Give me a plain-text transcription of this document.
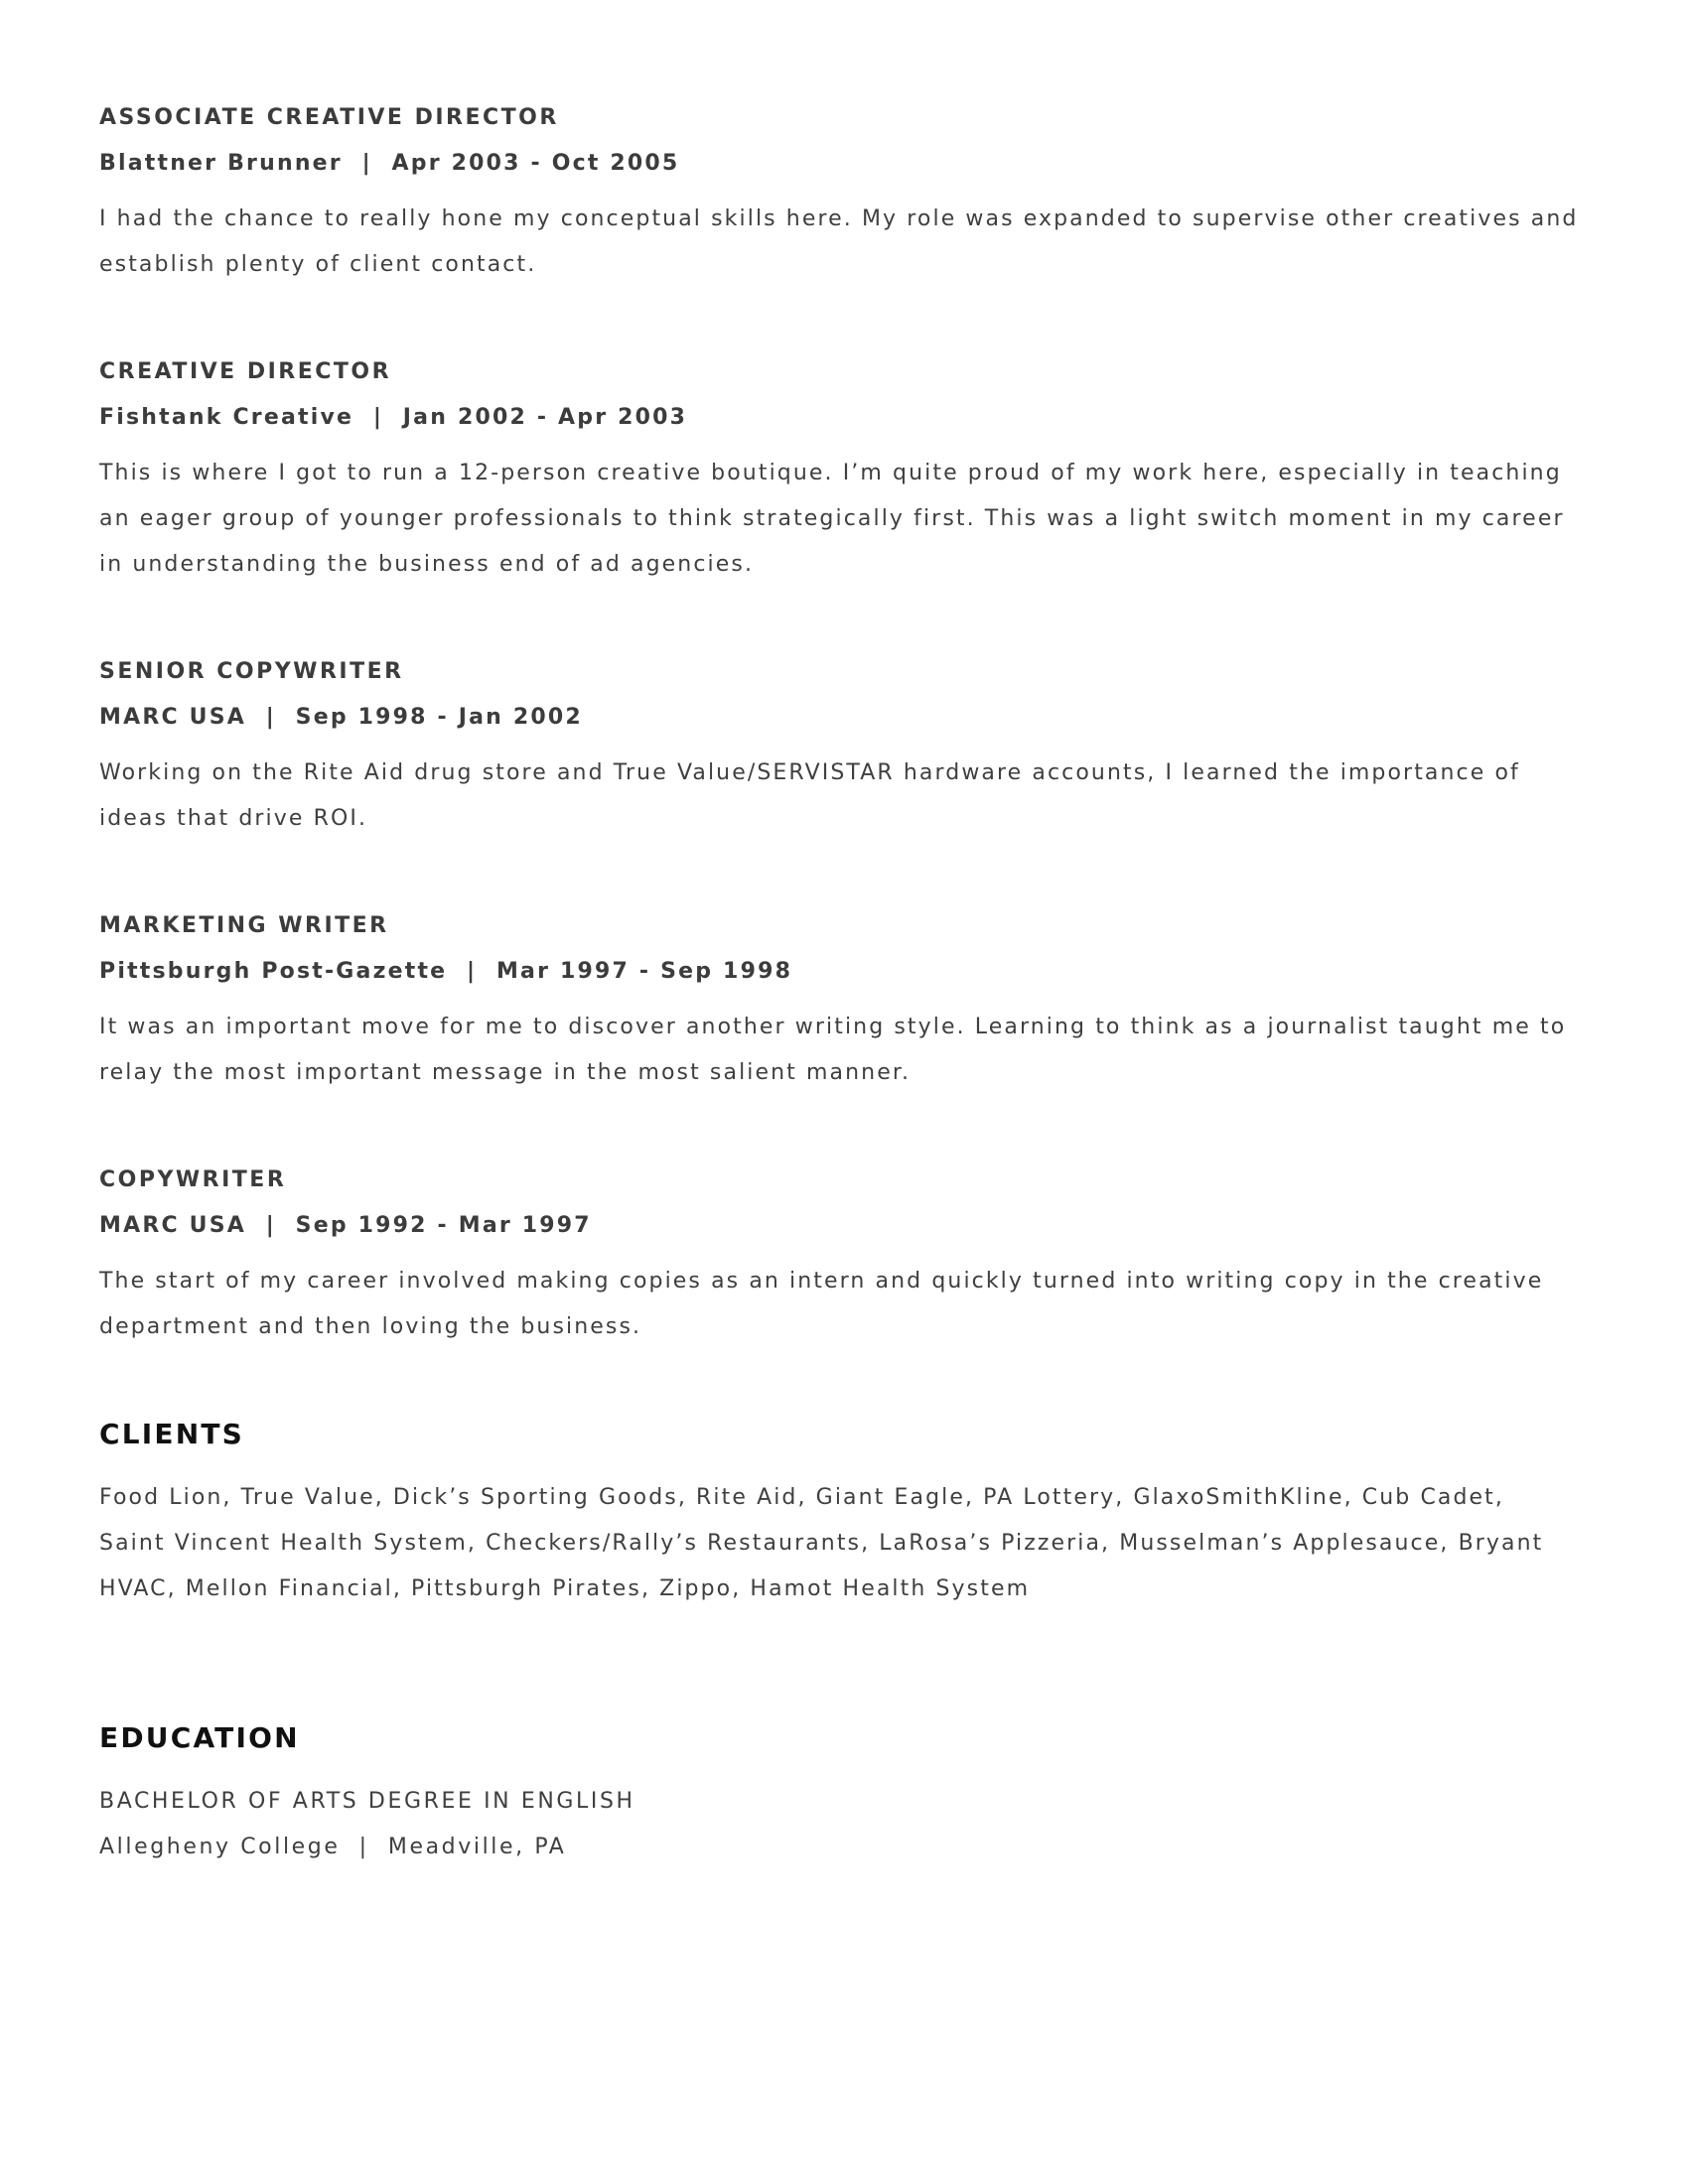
ASSOCIATE CREATIVE DIRECTOR
Blattner Brunner  |  Apr 2003 - Oct 2005
I had the chance to really hone my conceptual skills here. My role was expanded to supervise other creatives and establish plenty of client contact.
CREATIVE DIRECTOR
Fishtank Creative  |  Jan 2002 - Apr 2003
This is where I got to run a 12-person creative boutique. I’m quite proud of my work here, especially in teaching an eager group of younger professionals to think strategically first. This was a light switch moment in my career in understanding the business end of ad agencies.
SENIOR COPYWRITER
MARC USA  |  Sep 1998 - Jan 2002
Working on the Rite Aid drug store and True Value/SERVISTAR hardware accounts, I learned the importance of ideas that drive ROI.
MARKETING WRITER
Pittsburgh Post-Gazette  |  Mar 1997 - Sep 1998
It was an important move for me to discover another writing style. Learning to think as a journalist taught me to relay the most important message in the most salient manner.
COPYWRITER
MARC USA  |  Sep 1992 - Mar 1997
The start of my career involved making copies as an intern and quickly turned into writing copy in the creative department and then loving the business.
CLIENTS
Food Lion, True Value, Dick’s Sporting Goods, Rite Aid, Giant Eagle, PA Lottery, GlaxoSmithKline, Cub Cadet, Saint Vincent Health System, Checkers/Rally’s Restaurants, LaRosa’s Pizzeria, Musselman’s Applesauce, Bryant HVAC, Mellon Financial, Pittsburgh Pirates, Zippo, Hamot Health System
EDUCATION
BACHELOR OF ARTS DEGREE IN ENGLISH
Allegheny College  |  Meadville, PA
